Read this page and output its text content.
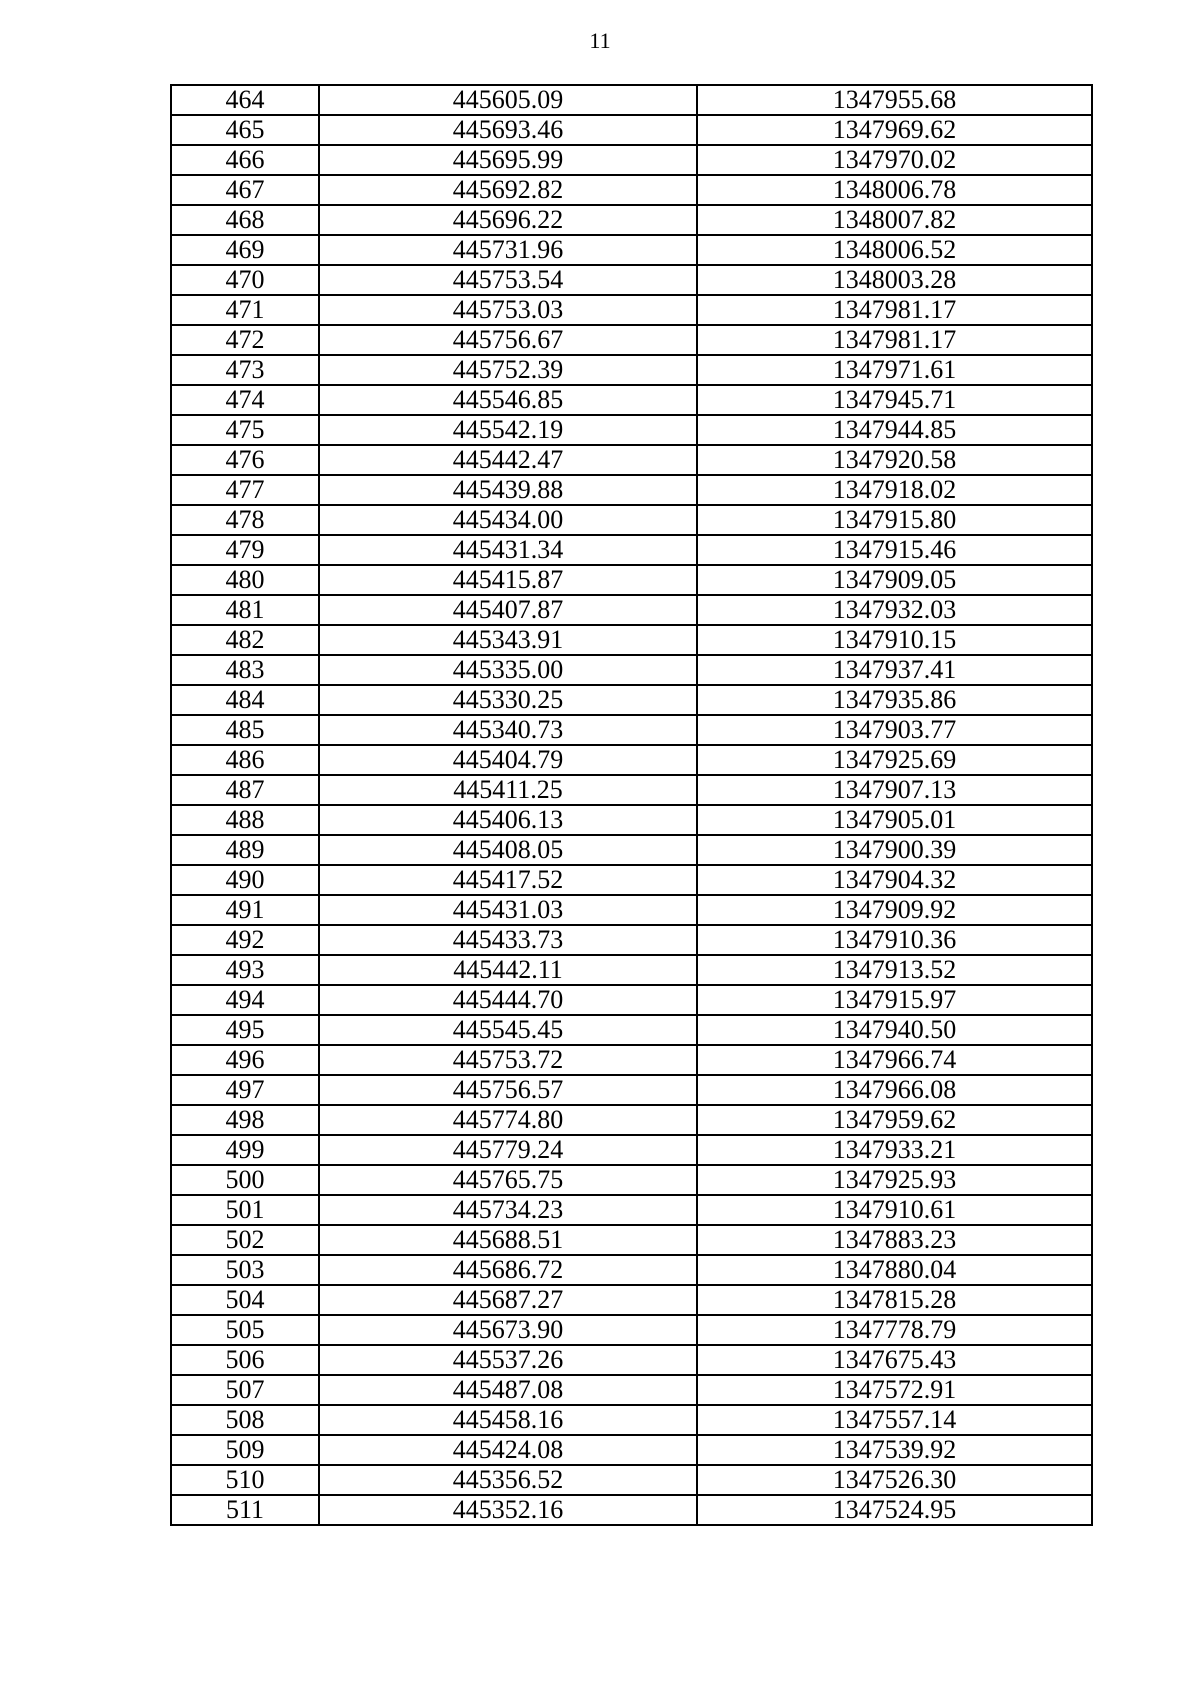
11
464	445605.09	1347955.68
465	445693.46	1347969.62
466	445695.99	1347970.02
467	445692.82	1348006.78
468	445696.22	1348007.82
469	445731.96	1348006.52
470	445753.54	1348003.28
471	445753.03	1347981.17
472	445756.67	1347981.17
473	445752.39	1347971.61
474	445546.85	1347945.71
475	445542.19	1347944.85
476	445442.47	1347920.58
477	445439.88	1347918.02
478	445434.00	1347915.80
479	445431.34	1347915.46
480	445415.87	1347909.05
481	445407.87	1347932.03
482	445343.91	1347910.15
483	445335.00	1347937.41
484	445330.25	1347935.86
485	445340.73	1347903.77
486	445404.79	1347925.69
487	445411.25	1347907.13
488	445406.13	1347905.01
489	445408.05	1347900.39
490	445417.52	1347904.32
491	445431.03	1347909.92
492	445433.73	1347910.36
493	445442.11	1347913.52
494	445444.70	1347915.97
495	445545.45	1347940.50
496	445753.72	1347966.74
497	445756.57	1347966.08
498	445774.80	1347959.62
499	445779.24	1347933.21
500	445765.75	1347925.93
501	445734.23	1347910.61
502	445688.51	1347883.23
503	445686.72	1347880.04
504	445687.27	1347815.28
505	445673.90	1347778.79
506	445537.26	1347675.43
507	445487.08	1347572.91
508	445458.16	1347557.14
509	445424.08	1347539.92
510	445356.52	1347526.30
511	445352.16	1347524.95
